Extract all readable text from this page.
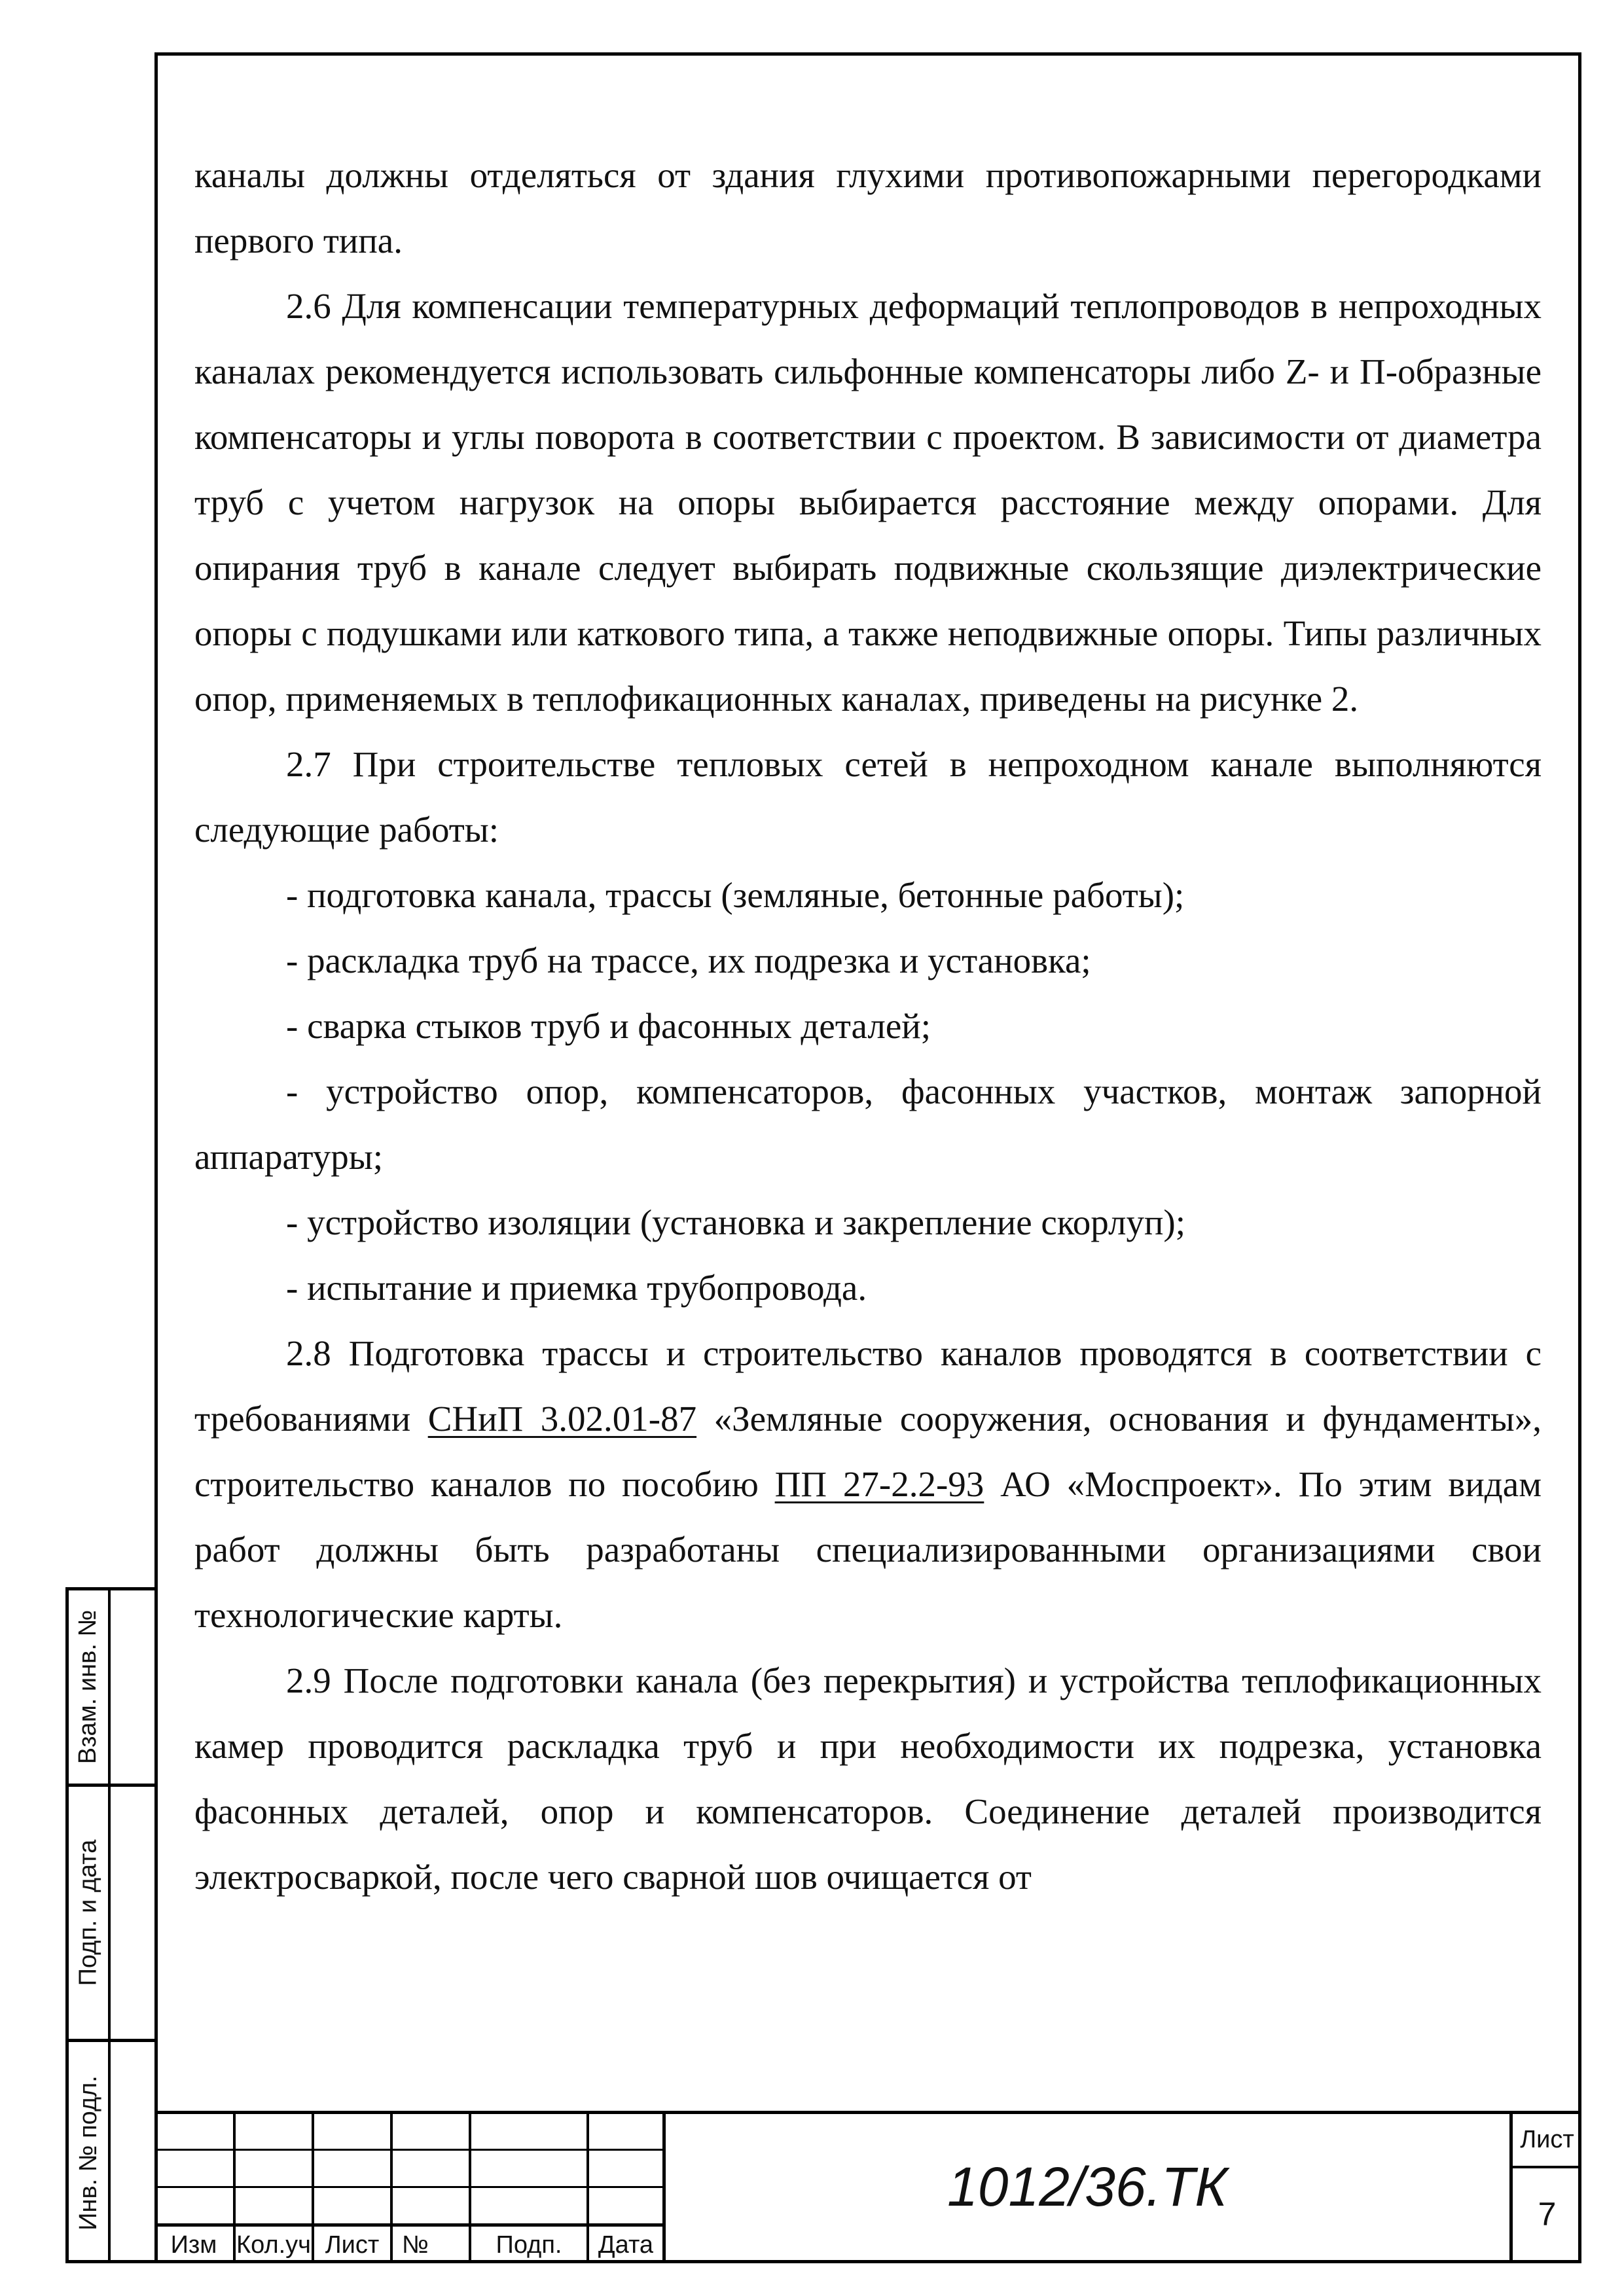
каналы должны отделяться от здания глухими противопожарными перегородками первого типа.

2.6 Для компенсации температурных деформаций теплопроводов в непроходных каналах рекомендуется использовать сильфонные компенсаторы либо Z- и П-образные компенсаторы и углы поворота в соответствии с проектом. В зависимости от диаметра труб с учетом нагрузок на опоры выбирается расстояние между опорами. Для опирания труб в канале следует выбирать подвижные скользящие диэлектрические опоры с подушками или каткового типа, а также неподвижные опоры. Типы различных опор, применяемых в теплофикационных каналах, приведены на рисунке 2.

2.7 При строительстве тепловых сетей в непроходном канале выполняются следующие работы:

- подготовка канала, трассы (земляные, бетонные работы);

- раскладка труб на трассе, их подрезка и установка;

- сварка стыков труб и фасонных деталей;

- устройство опор, компенсаторов, фасонных участков, монтаж запорной аппаратуры;

- устройство изоляции (установка и закрепление скорлуп);

- испытание и приемка трубопровода.

2.8 Подготовка трассы и строительство каналов проводятся в соответствии с требованиями СНиП 3.02.01-87 «Земляные сооружения, основания и фундаменты», строительство каналов по пособию ПП 27-2.2-93 АО «Моспроект». По этим видам работ должны быть разработаны специализированными организациями свои технологические карты.

2.9 После подготовки канала (без перекрытия) и устройства теплофикационных камер проводится раскладка труб и при необходимости их подрезка, установка фасонных деталей, опор и компенсаторов. Соединение деталей производится электросваркой, после чего сварной шов очищается от

Взам. инв. №
Подп. и дата
Инв. № подл.
Изм Кол.уч Лист №	Подп.	Дата
1012/36.ТК
Лист
7
